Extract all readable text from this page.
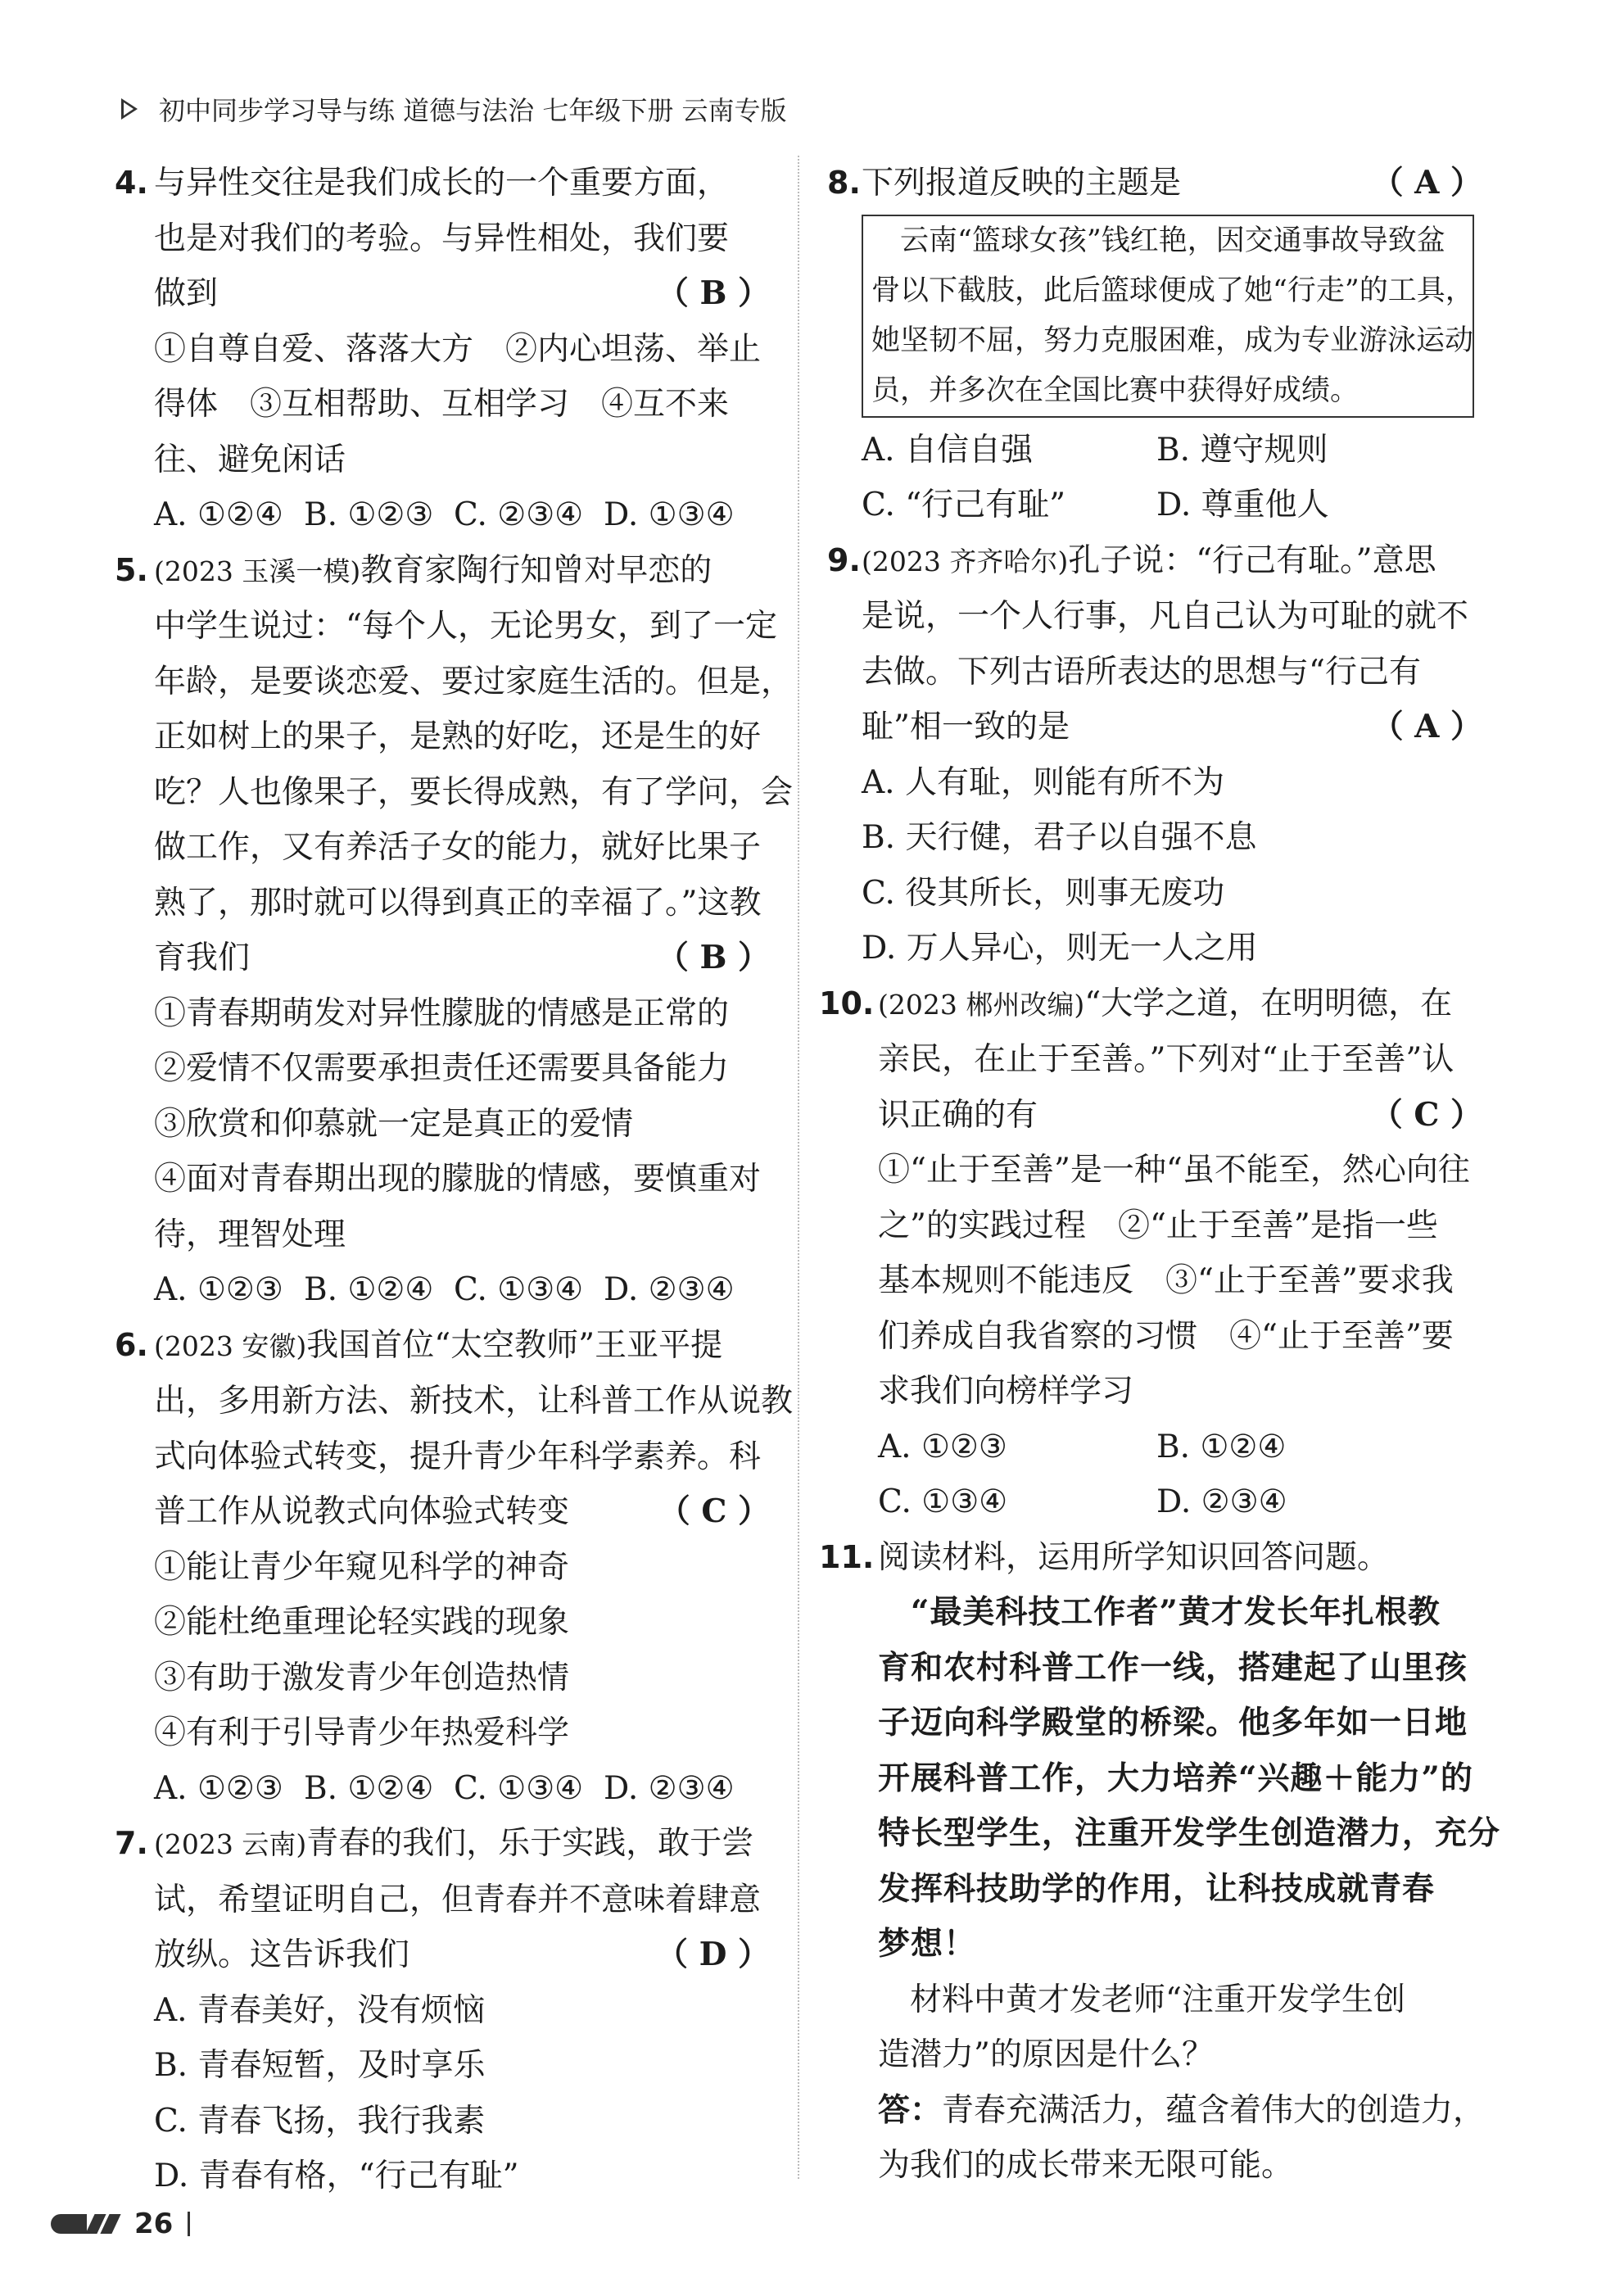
初中同步学习导与练 道德与法治 七年级下册 云南专版
4. 与异性交往是我们成长的一个重要方面，
也是对我们的考验。与异性相处，我们要
做到	（ B ）
①自尊自爱、落落大方　②内心坦荡、举止
得体　③互相帮助、互相学习　④互不来
往、避免闲话
A. ①②④ B. ①②③ C. ②③④ D. ①③④
5. (2023 玉溪一模)教育家陶行知曾对早恋的
中学生说过：“每个人，无论男女，到了一定
年龄，是要谈恋爱、要过家庭生活的。但是，
正如树上的果子，是熟的好吃，还是生的好
吃？人也像果子，要长得成熟，有了学问，会
做工作，又有养活子女的能力，就好比果子
熟了，那时就可以得到真正的幸福了。”这教
育我们	（ B ）
①青春期萌发对异性朦胧的情感是正常的
②爱情不仅需要承担责任还需要具备能力
③欣赏和仰慕就一定是真正的爱情
④面对青春期出现的朦胧的情感，要慎重对
待，理智处理
A. ①②③ B. ①②④ C. ①③④ D. ②③④
6. (2023 安徽)我国首位“太空教师”王亚平提
出，多用新方法、新技术，让科普工作从说教
式向体验式转变，提升青少年科学素养。科
普工作从说教式向体验式转变	（ C ）
①能让青少年窥见科学的神奇
②能杜绝重理论轻实践的现象
③有助于激发青少年创造热情
④有利于引导青少年热爱科学
A. ①②③ B. ①②④ C. ①③④ D. ②③④
7. (2023 云南)青春的我们，乐于实践，敢于尝
试，希望证明自己，但青春并不意味着肆意
放纵。这告诉我们	（ D ）
A. 青春美好，没有烦恼
B. 青春短暂，及时享乐
C. 青春飞扬，我行我素
D. 青春有格，“行己有耻”
8. 下列报道反映的主题是	（ A ）
　云南“篮球女孩”钱红艳，因交通事故导致盆
骨以下截肢，此后篮球便成了她“行走”的工具，
她坚韧不屈，努力克服困难，成为专业游泳运动
员，并多次在全国比赛中获得好成绩。
A. 自信自强	B. 遵守规则
C. “行己有耻”	D. 尊重他人
9. (2023 齐齐哈尔)孔子说：“行己有耻。”意思
是说，一个人行事，凡自己认为可耻的就不
去做。下列古语所表达的思想与“行己有
耻”相一致的是	（ A ）
A. 人有耻，则能有所不为
B. 天行健，君子以自强不息
C. 役其所长，则事无废功
D. 万人异心，则无一人之用
10. (2023 郴州改编)“大学之道，在明明德，在
亲民，在止于至善。”下列对“止于至善”认
识正确的有	（ C ）
①“止于至善”是一种“虽不能至，然心向往
之”的实践过程　②“止于至善”是指一些
基本规则不能违反　③“止于至善”要求我
们养成自我省察的习惯　④“止于至善”要
求我们向榜样学习
A. ①②③	B. ①②④
C. ①③④	D. ②③④
11. 阅读材料，运用所学知识回答问题。
　“最美科技工作者”黄才发长年扎根教
育和农村科普工作一线，搭建起了山里孩
子迈向科学殿堂的桥梁。他多年如一日地
开展科普工作，大力培养“兴趣＋能力”的
特长型学生，注重开发学生创造潜力，充分
发挥科技助学的作用，让科技成就青春
梦想！
　材料中黄才发老师“注重开发学生创
造潜力”的原因是什么？
答：青春充满活力，蕴含着伟大的创造力，
为我们的成长带来无限可能。
26
